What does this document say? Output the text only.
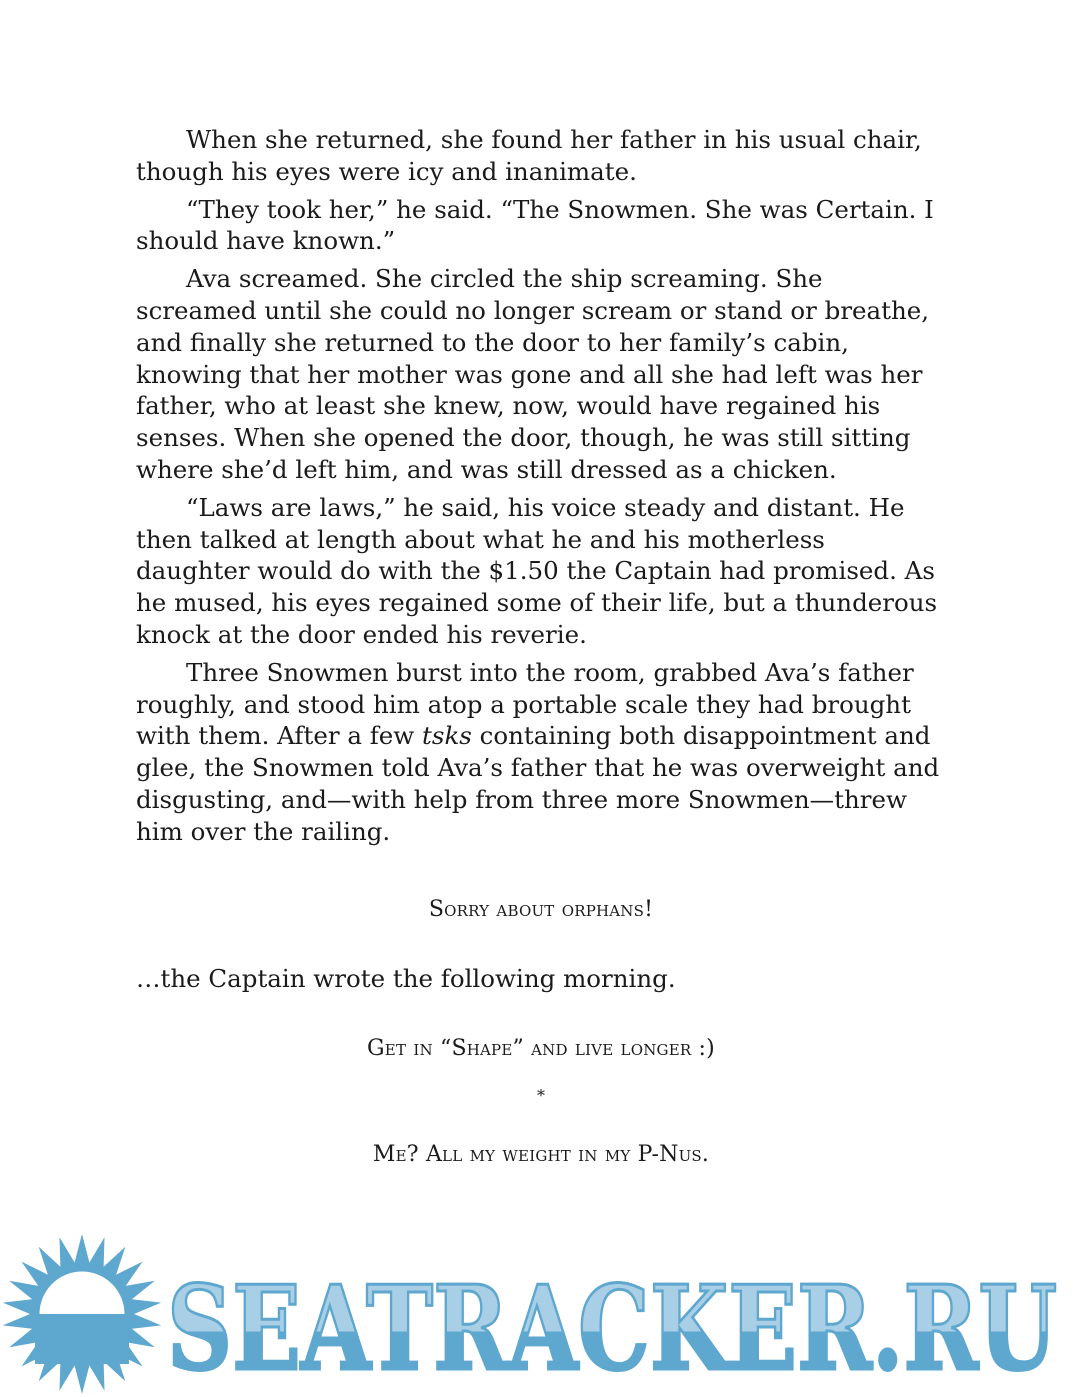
When she returned, she found her father in his usual chair, though his eyes were icy and inanimate.

“They took her,” he said. “The Snowmen. She was Certain. I should have known.”

Ava screamed. She circled the ship screaming. She screamed until she could no longer scream or stand or breathe, and finally she returned to the door to her family’s cabin, knowing that her mother was gone and all she had left was her father, who at least she knew, now, would have regained his senses. When she opened the door, though, he was still sitting where she’d left him, and was still dressed as a chicken.

“Laws are laws,” he said, his voice steady and distant. He then talked at length about what he and his motherless daughter would do with the $1.50 the Captain had promised. As he mused, his eyes regained some of their life, but a thunderous knock at the door ended his reverie.

Three Snowmen burst into the room, grabbed Ava’s father roughly, and stood him atop a portable scale they had brought with them. After a few tsks containing both disappointment and glee, the Snowmen told Ava’s father that he was overweight and disgusting, and—with help from three more Snowmen—threw him over the railing.

Sorry about orphans!

…the Captain wrote the following morning.

Get in “Shape” and live longer :)

*

Me? All my weight in my P-Nus.

SEATRACKER.RU
